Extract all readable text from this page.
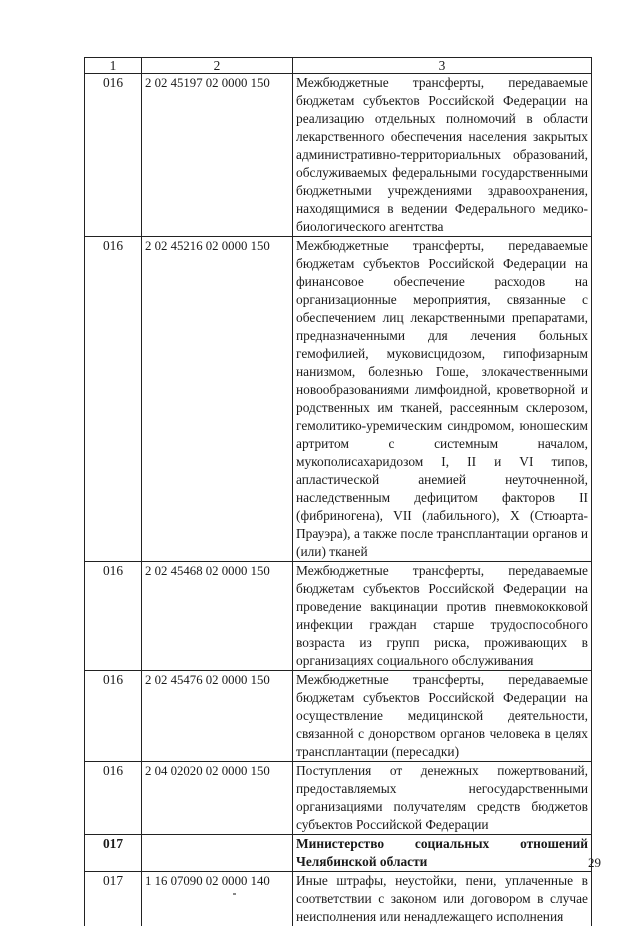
1	2	3
016	2 02 45197 02 0000 150	Межбюджетные трансферты, передаваемые бюджетам субъектов Российской Федерации на реализацию отдельных полномочий в области лекарственного обеспечения населения закрытых административно-территориальных образований, обслуживаемых федеральными государственными бюджетными учреждениями здравоохранения, находящимися в ведении Федерального медико-биологического агентства
016	2 02 45216 02 0000 150	Межбюджетные трансферты, передаваемые бюджетам субъектов Российской Федерации на финансовое обеспечение расходов на организационные мероприятия, связанные с обеспечением лиц лекарственными препаратами, предназначенными для лечения больных гемофилией, муковисцидозом, гипофизарным нанизмом, болезнью Гоше, злокачественными новообразованиями лимфоидной, кроветворной и родственных им тканей, рассеянным склерозом, гемолитико-уремическим синдромом, юношеским артритом с системным началом, мукополисахаридозом I, II и VI типов, апластической анемией неуточненной, наследственным дефицитом факторов II (фибриногена), VII (лабильного), X (Стюарта-Прауэра), а также после трансплантации органов и (или) тканей
016	2 02 45468 02 0000 150	Межбюджетные трансферты, передаваемые бюджетам субъектов Российской Федерации на проведение вакцинации против пневмококковой инфекции граждан старше трудоспособного возраста из групп риска, проживающих в организациях социального обслуживания
016	2 02 45476 02 0000 150	Межбюджетные трансферты, передаваемые бюджетам субъектов Российской Федерации на осуществление медицинской деятельности, связанной с донорством органов человека в целях трансплантации (пересадки)
016	2 04 02020 02 0000 150	Поступления от денежных пожертвований, предоставляемых негосударственными организациями получателям средств бюджетов субъектов Российской Федерации
017		Министерство социальных отношений Челябинской области
017	1 16 07090 02 0000 140	Иные штрафы, неустойки, пени, уплаченные в соответствии с законом или договором в случае неисполнения или ненадлежащего исполнения
29
